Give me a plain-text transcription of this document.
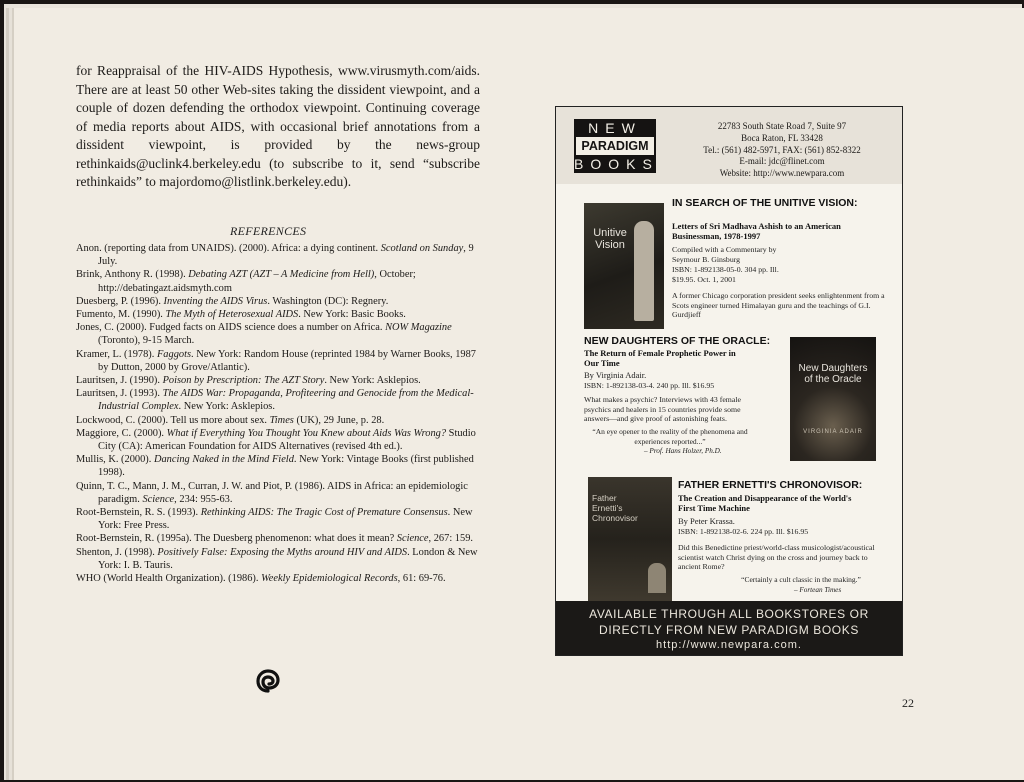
for Reappraisal of the HIV-AIDS Hypothesis, www.virusmyth.com/aids. There are at least 50 other Web-sites taking the dissident viewpoint, and a couple of dozen defending the orthodox viewpoint. Continuing coverage of media reports about AIDS, with occasional brief annotations from a dissident viewpoint, is provided by the news-group rethinkaids@uclink4.berkeley.edu (to subscribe to it, send “subscribe rethinkaids” to majordomo@listlink.berkeley.edu).
REFERENCES
Anon. (reporting data from UNAIDS). (2000). Africa: a dying continent. Scotland on Sunday, 9 July.
Brink, Anthony R. (1998). Debating AZT (AZT – A Medicine from Hell), October; http://debatingazt.aidsmyth.com
Duesberg, P. (1996). Inventing the AIDS Virus. Washington (DC): Regnery.
Fumento, M. (1990). The Myth of Heterosexual AIDS. New York: Basic Books.
Jones, C. (2000). Fudged facts on AIDS science does a number on Africa. NOW Magazine (Toronto), 9-15 March.
Kramer, L. (1978). Faggots. New York: Random House (reprinted 1984 by Warner Books, 1987 by Dutton, 2000 by Grove/Atlantic).
Lauritsen, J. (1990). Poison by Prescription: The AZT Story. New York: Asklepios.
Lauritsen, J. (1993). The AIDS War: Propaganda, Profiteering and Genocide from the Medical-Industrial Complex. New York: Asklepios.
Lockwood, C. (2000). Tell us more about sex. Times (UK), 29 June, p. 28.
Maggiore, C. (2000). What if Everything You Thought You Knew about Aids Was Wrong? Studio City (CA): American Foundation for AIDS Alternatives (revised 4th ed.).
Mullis, K. (2000). Dancing Naked in the Mind Field. New York: Vintage Books (first published 1998).
Quinn, T. C., Mann, J. M., Curran, J. W. and Piot, P. (1986). AIDS in Africa: an epidemiologic paradigm. Science, 234: 955-63.
Root-Bernstein, R. S. (1993). Rethinking AIDS: The Tragic Cost of Premature Consensus. New York: Free Press.
Root-Bernstein, R. (1995a). The Duesberg phenomenon: what does it mean? Science, 267: 159.
Shenton, J. (1998). Positively False: Exposing the Myths around HIV and AIDS. London & New York: I. B. Tauris.
WHO (World Health Organization). (1986). Weekly Epidemiological Records, 61: 69-76.
22
NEW
PARADIGM
BOOKS
22783 South State Road 7, Suite 97
Boca Raton, FL 33428
Tel.: (561) 482-5971, FAX: (561) 852-8322
E-mail: jdc@flinet.com
Website: http://www.newpara.com
Unitive Vision
IN SEARCH OF THE UNITIVE VISION:
Letters of Sri Madhava Ashish to an American Businessman, 1978-1997
Compiled with a Commentary by Seymour B. Ginsburg
ISBN: 1-892138-05-0. 304 pp. Ill.
$19.95. Oct. 1, 2001
A former Chicago corporation president seeks enlightenment from a Scots engineer turned Himalayan guru and the teachings of G.I. Gurdjieff
NEW DAUGHTERS OF THE ORACLE:
The Return of Female Prophetic Power in Our Time
By Virginia Adair.
ISBN: 1-892138-03-4. 240 pp. Ill. $16.95
What makes a psychic? Interviews with 43 female psychics and healers in 15 countries provide some answers—and give proof of astonishing feats.
“An eye opener to the reality of the phenomena and experiences reported...”
– Prof. Hans Holzer, Ph.D.
New Daughters of the Oracle
VIRGINIA ADAIR
Father Ernetti's Chronovisor
FATHER ERNETTI'S CHRONOVISOR:
The Creation and Disappearance of the World's First Time Machine
By Peter Krassa.
ISBN: 1-892138-02-6. 224 pp. Ill. $16.95
Did this Benedictine priest/world-class musicologist/acoustical scientist watch Christ dying on the cross and journey back to ancient Rome?
“Certainly a cult classic in the making.”
– Fortean Times
AVAILABLE THROUGH ALL BOOKSTORES OR
DIRECTLY FROM NEW PARADIGM BOOKS
http://www.newpara.com.
